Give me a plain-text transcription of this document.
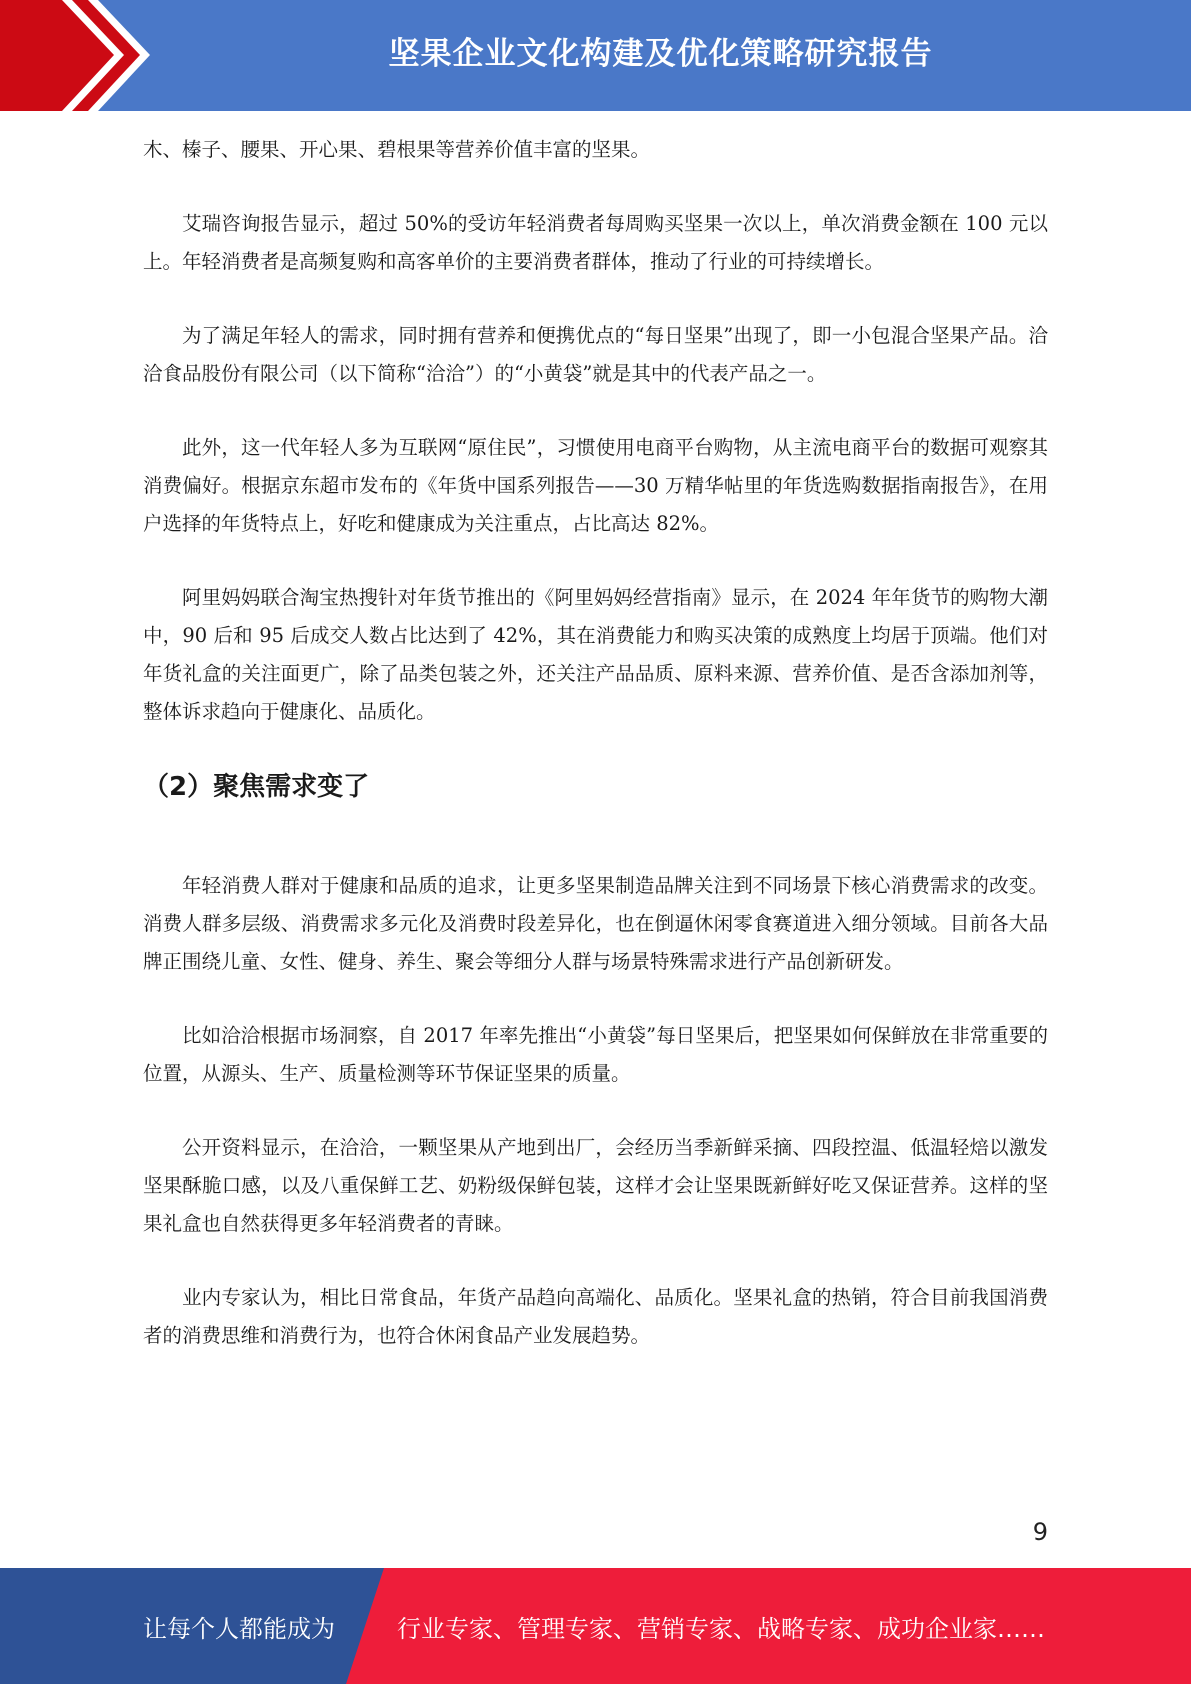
坚果企业文化构建及优化策略研究报告

木、榛子、腰果、开心果、碧根果等营养价值丰富的坚果。

艾瑞咨询报告显示，超过 50%的受访年轻消费者每周购买坚果一次以上，单次消费金额在 100 元以上。年轻消费者是高频复购和高客单价的主要消费者群体，推动了行业的可持续增长。

为了满足年轻人的需求，同时拥有营养和便携优点的“每日坚果”出现了，即一小包混合坚果产品。洽洽食品股份有限公司（以下简称“洽洽”）的“小黄袋”就是其中的代表产品之一。

此外，这一代年轻人多为互联网“原住民”，习惯使用电商平台购物，从主流电商平台的数据可观察其消费偏好。根据京东超市发布的《年货中国系列报告——30 万精华帖里的年货选购数据指南报告》，在用户选择的年货特点上，好吃和健康成为关注重点，占比高达 82%。

阿里妈妈联合淘宝热搜针对年货节推出的《阿里妈妈经营指南》显示，在 2024 年年货节的购物大潮中，90 后和 95 后成交人数占比达到了 42%，其在消费能力和购买决策的成熟度上均居于顶端。他们对年货礼盒的关注面更广，除了品类包装之外，还关注产品品质、原料来源、营养价值、是否含添加剂等，整体诉求趋向于健康化、品质化。

（2）聚焦需求变了

年轻消费人群对于健康和品质的追求，让更多坚果制造品牌关注到不同场景下核心消费需求的改变。消费人群多层级、消费需求多元化及消费时段差异化，也在倒逼休闲零食赛道进入细分领域。目前各大品牌正围绕儿童、女性、健身、养生、聚会等细分人群与场景特殊需求进行产品创新研发。

比如洽洽根据市场洞察，自 2017 年率先推出“小黄袋”每日坚果后，把坚果如何保鲜放在非常重要的位置，从源头、生产、质量检测等环节保证坚果的质量。

公开资料显示，在洽洽，一颗坚果从产地到出厂，会经历当季新鲜采摘、四段控温、低温轻焙以激发坚果酥脆口感，以及八重保鲜工艺、奶粉级保鲜包装，这样才会让坚果既新鲜好吃又保证营养。这样的坚果礼盒也自然获得更多年轻消费者的青睐。

业内专家认为，相比日常食品，年货产品趋向高端化、品质化。坚果礼盒的热销，符合目前我国消费者的消费思维和消费行为，也符合休闲食品产业发展趋势。

9
让每个人都能成为	行业专家、管理专家、营销专家、战略专家、成功企业家……
